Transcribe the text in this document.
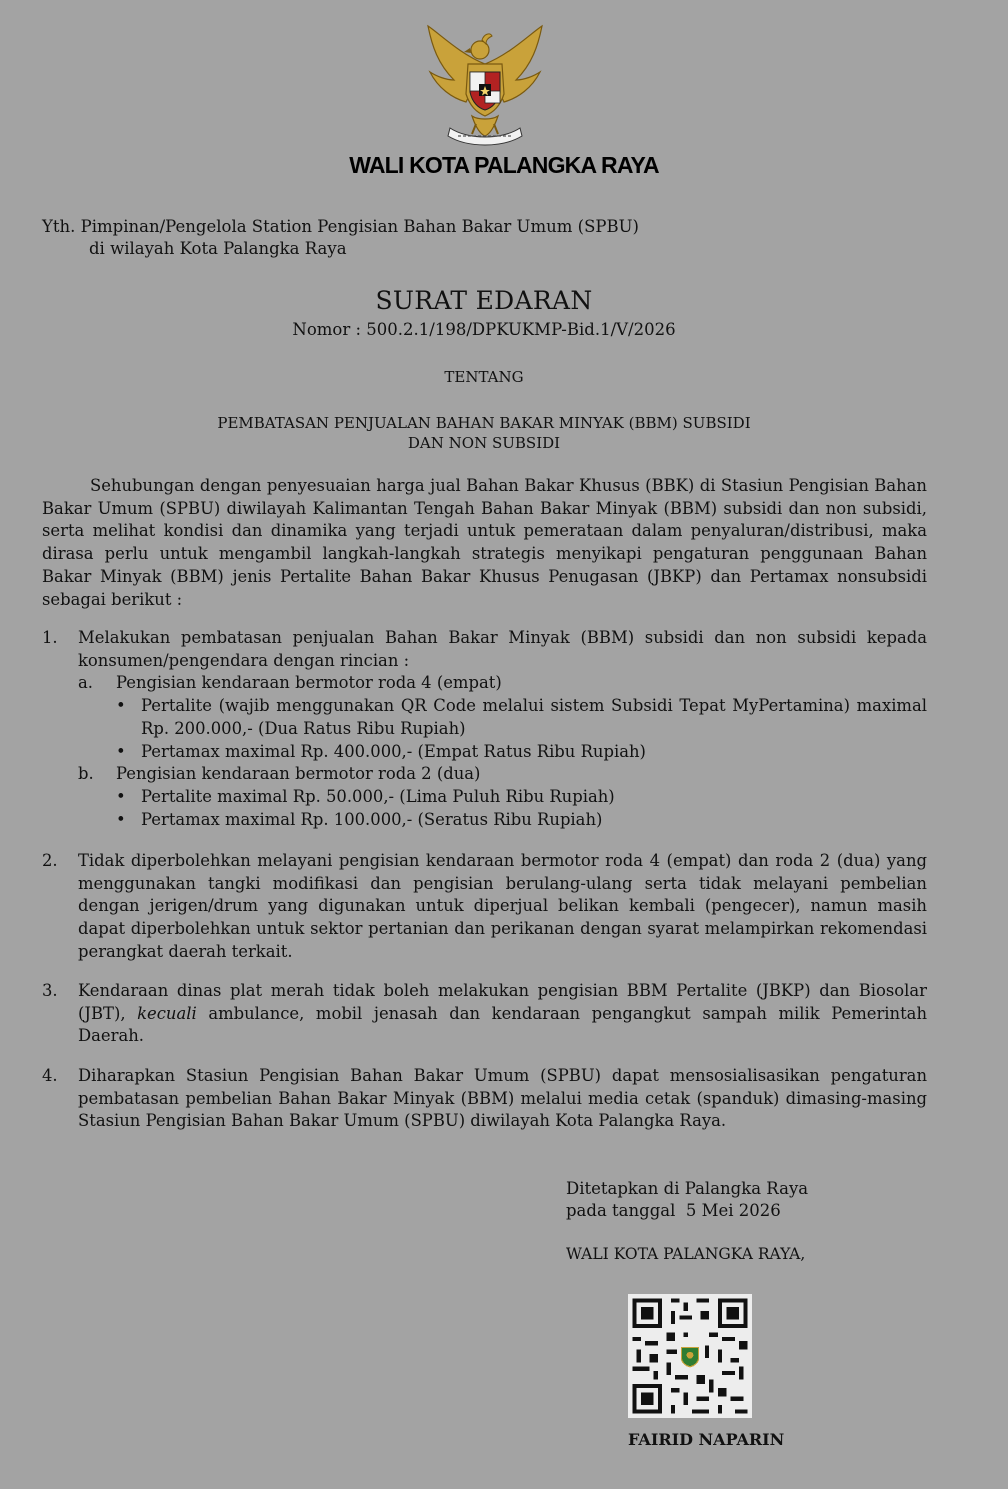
WALI KOTA PALANGKA RAYA
Yth. Pimpinan/Pengelola Station Pengisian Bahan Bakar Umum (SPBU)
di wilayah Kota Palangka Raya
SURAT EDARAN
Nomor : 500.2.1/198/DPKUKMP-Bid.1/V/2026
TENTANG
PEMBATASAN PENJUALAN BAHAN BAKAR MINYAK (BBM) SUBSIDI
DAN NON SUBSIDI
Sehubungan dengan penyesuaian harga jual Bahan Bakar Khusus (BBK) di Stasiun Pengisian Bahan Bakar Umum (SPBU) diwilayah Kalimantan Tengah Bahan Bakar Minyak (BBM) subsidi dan non subsidi, serta melihat kondisi dan dinamika yang terjadi untuk pemerataan dalam penyaluran/distribusi, maka dirasa perlu untuk mengambil langkah-langkah strategis menyikapi pengaturan penggunaan Bahan Bakar Minyak (BBM) jenis Pertalite Bahan Bakar Khusus Penugasan (JBKP) dan Pertamax nonsubsidi sebagai berikut :
1. Melakukan pembatasan penjualan Bahan Bakar Minyak (BBM) subsidi dan non subsidi kepada konsumen/pengendara dengan rincian :
a. Pengisian kendaraan bermotor roda 4 (empat)
• Pertalite (wajib menggunakan QR Code melalui sistem Subsidi Tepat MyPertamina) maximal Rp. 200.000,- (Dua Ratus Ribu Rupiah)
• Pertamax maximal Rp. 400.000,- (Empat Ratus Ribu Rupiah)
b. Pengisian kendaraan bermotor roda 2 (dua)
• Pertalite maximal Rp. 50.000,- (Lima Puluh Ribu Rupiah)
• Pertamax maximal Rp. 100.000,- (Seratus Ribu Rupiah)
2. Tidak diperbolehkan melayani pengisian kendaraan bermotor roda 4 (empat) dan roda 2 (dua) yang menggunakan tangki modifikasi dan pengisian berulang-ulang serta tidak melayani pembelian dengan jerigen/drum yang digunakan untuk diperjual belikan kembali (pengecer), namun masih dapat diperbolehkan untuk sektor pertanian dan perikanan dengan syarat melampirkan rekomendasi perangkat daerah terkait.
3. Kendaraan dinas plat merah tidak boleh melakukan pengisian BBM Pertalite (JBKP) dan Biosolar (JBT), kecuali ambulance, mobil jenasah dan kendaraan pengangkut sampah milik Pemerintah Daerah.
4. Diharapkan Stasiun Pengisian Bahan Bakar Umum (SPBU) dapat mensosialisasikan pengaturan pembatasan pembelian Bahan Bakar Minyak (BBM) melalui media cetak (spanduk) dimasing-masing Stasiun Pengisian Bahan Bakar Umum (SPBU) diwilayah Kota Palangka Raya.
Ditetapkan di Palangka Raya
pada tanggal  5 Mei 2026
WALI KOTA PALANGKA RAYA,
FAIRID NAPARIN
